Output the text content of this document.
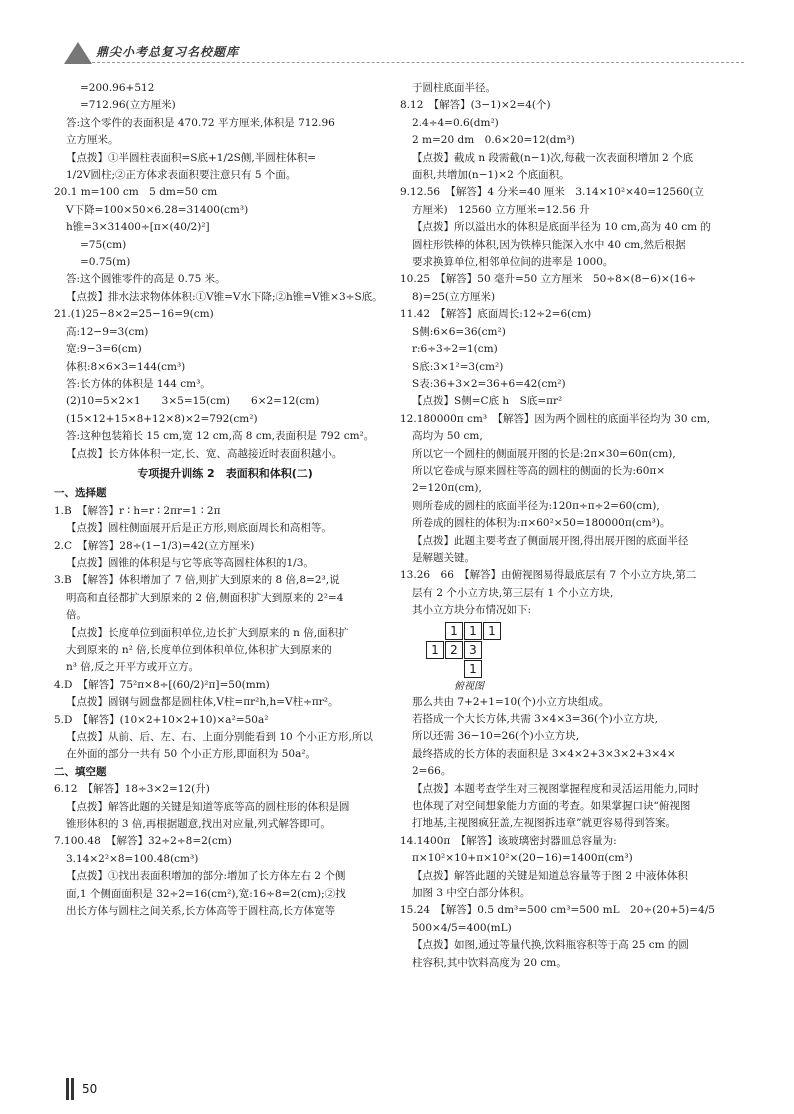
鼎尖小考总复习名校题库
=200.96+512
=712.96(立方厘米)
答:这个零件的表面积是 470.72 平方厘米,体积是 712.96
立方厘米。
【点拨】①半圆柱表面积=S底+1/2S侧,半圆柱体积=
1/2V圆柱;②正方体求表面积要注意只有 5 个面。
20.1 m=100 cm　5 dm=50 cm
V下降=100×50×6.28=31400(cm³)
h锥=3×31400÷[π×(40/2)²]
=75(cm)
=0.75(m)
答:这个圆锥零件的高是 0.75 米。
【点拨】排水法求物体体积:①V锥=V水下降;②h锥=V锥×3÷S底。
21.(1)25−8×2=25−16=9(cm)
高:12−9=3(cm)
宽:9−3=6(cm)
体积:8×6×3=144(cm³)
答:长方体的体积是 144 cm³。
(2)10=5×2×1　　3×5=15(cm)　　6×2=12(cm)
(15×12+15×8+12×8)×2=792(cm²)
答:这种包装箱长 15 cm,宽 12 cm,高 8 cm,表面积是 792 cm²。
【点拨】长方体体积一定,长、宽、高越接近时表面积越小。
专项提升训练 2　表面积和体积(二)
一、选择题
1.B　【解答】r ∶ h=r ∶ 2πr=1 ∶ 2π
【点拨】圆柱侧面展开后是正方形,则底面周长和高相等。
2.C　【解答】28÷(1−1/3)=42(立方厘米)
【点拨】圆锥的体积是与它等底等高圆柱体积的1/3。
3.B　【解答】体积增加了 7 倍,则扩大到原来的 8 倍,8=2³,说
明高和直径都扩大到原来的 2 倍,侧面积扩大到原来的 2²=4
倍。
【点拨】长度单位到面积单位,边长扩大到原来的 n 倍,面积扩
大到原来的 n² 倍,长度单位到体积单位,体积扩大到原来的
n³ 倍,反之开平方或开立方。
4.D　【解答】75²π×8÷[(60/2)²π]=50(mm)
【点拨】圆钢与圆盘都是圆柱体,V柱=πr²h,h=V柱÷πr²。
5.D　【解答】(10×2+10×2+10)×a²=50a²
【点拨】从前、后、左、右、上面分别能看到 10 个小正方形,所以
在外面的部分一共有 50 个小正方形,即面积为 50a²。
二、填空题
6.12　【解答】18÷3×2=12(升)
【点拨】解答此题的关键是知道等底等高的圆柱形的体积是圆
锥形体积的 3 倍,再根据题意,找出对应量,列式解答即可。
7.100.48　【解答】32÷2÷8=2(cm)
3.14×2²×8=100.48(cm³)
【点拨】①找出表面积增加的部分:增加了长方体左右 2 个侧
面,1 个侧面面积是 32÷2=16(cm²),宽:16÷8=2(cm);②找
出长方体与圆柱之间关系,长方体高等于圆柱高,长方体宽等
于圆柱底面半径。
8.12　【解答】(3−1)×2=4(个)
2.4÷4=0.6(dm²)
2 m=20 dm　0.6×20=12(dm³)
【点拨】截成 n 段需截(n−1)次,每截一次表面积增加 2 个底
面积,共增加(n−1)×2 个底面积。
9.12.56　【解答】4 分米=40 厘米　3.14×10²×40=12560(立
方厘米)　12560 立方厘米=12.56 升
【点拨】所以溢出水的体积是底面半径为 10 cm,高为 40 cm 的
圆柱形铁棒的体积,因为铁棒只能深入水中 40 cm,然后根据
要求换算单位,相邻单位间的进率是 1000。
10.25　【解答】50 毫升=50 立方厘米　50÷8×(8−6)×(16÷
8)=25(立方厘米)
11.42　【解答】底面周长:12÷2=6(cm)
S侧:6×6=36(cm²)
r:6÷3÷2=1(cm)
S底:3×1²=3(cm²)
S表:36+3×2=36+6=42(cm²)
【点拨】S侧=C底 h　S底=πr²
12.180000π cm³　【解答】因为两个圆柱的底面半径均为 30 cm,
高均为 50 cm,
所以它一个圆柱的侧面展开图的长是:2π×30=60π(cm),
所以它卷成与原来圆柱等高的圆柱的侧面的长为:60π×
2=120π(cm),
则所卷成的圆柱的底面半径为:120π÷π÷2=60(cm),
所卷成的圆柱的体积为:π×60²×50=180000π(cm³)。
【点拨】此题主要考查了侧面展开图,得出展开图的底面半径
是解题关键。
13.26　66　【解答】由俯视图易得最底层有 7 个小立方块,第二
层有 2 个小立方块,第三层有 1 个小立方块,
其小立方块分布情况如下:
俯视图
1 1 1
1 2 3
1
那么共由 7+2+1=10(个)小立方块组成。
若搭成一个大长方体,共需 3×4×3=36(个)小立方块,
所以还需 36−10=26(个)小立方块,
最终搭成的长方体的表面积是 3×4×2+3×3×2+3×4×
2=66。
【点拨】本题考查学生对三视图掌握程度和灵活运用能力,同时
也体现了对空间想象能力方面的考查。如果掌握口诀“俯视图
打地基,主视图疯狂盖,左视图拆违章”就更容易得到答案。
14.1400π　【解答】该玻璃密封器皿总容量为:
π×10²×10+π×10²×(20−16)=1400π(cm³)
【点拨】解答此题的关键是知道总容量等于图 2 中液体体积
加图 3 中空白部分体积。
15.24　【解答】0.5 dm³=500 cm³=500 mL　20÷(20+5)=4/5
500×4/5=400(mL)
【点拨】如图,通过等量代换,饮料瓶容积等于高 25 cm 的圆
柱容积,其中饮料高度为 20 cm。
50
